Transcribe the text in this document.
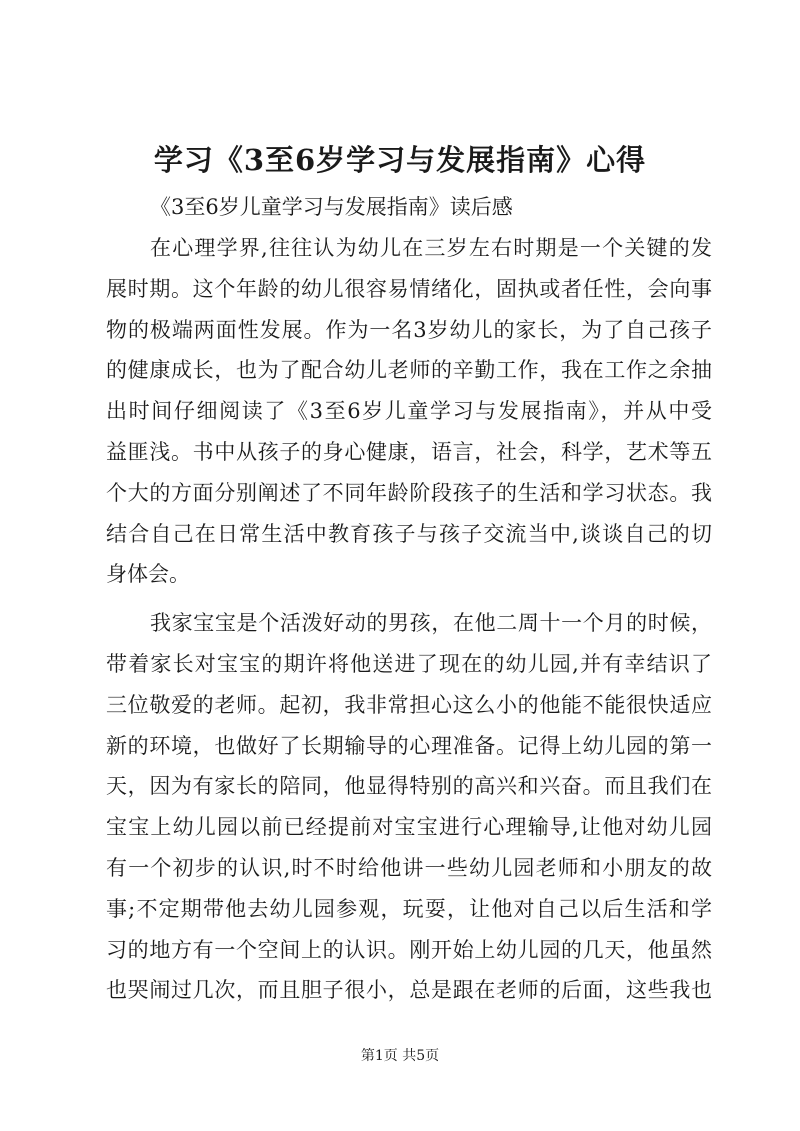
学习《3至6岁学习与发展指南》心得

《3至6岁儿童学习与发展指南》读后感

在心理学界,往往认为幼儿在三岁左右时期是一个关键的发
展时期。这个年龄的幼儿很容易情绪化，固执或者任性，会向事
物的极端两面性发展。作为一名3岁幼儿的家长，为了自己孩子
的健康成长，也为了配合幼儿老师的辛勤工作，我在工作之余抽
出时间仔细阅读了《3至6岁儿童学习与发展指南》，并从中受
益匪浅。书中从孩子的身心健康，语言，社会，科学，艺术等五
个大的方面分别阐述了不同年龄阶段孩子的生活和学习状态。我
结合自己在日常生活中教育孩子与孩子交流当中,谈谈自己的切
身体会。
我家宝宝是个活泼好动的男孩，在他二周十一个月的时候，
带着家长对宝宝的期许将他送进了现在的幼儿园,并有幸结识了
三位敬爱的老师。起初，我非常担心这么小的他能不能很快适应
新的环境，也做好了长期输导的心理准备。记得上幼儿园的第一
天，因为有家长的陪同，他显得特别的高兴和兴奋。而且我们在
宝宝上幼儿园以前已经提前对宝宝进行心理输导,让他对幼儿园
有一个初步的认识,时不时给他讲一些幼儿园老师和小朋友的故
事;不定期带他去幼儿园参观，玩耍，让他对自己以后生活和学
习的地方有一个空间上的认识。刚开始上幼儿园的几天，他虽然
也哭闹过几次，而且胆子很小，总是跟在老师的后面，这些我也
第1页 共5页
